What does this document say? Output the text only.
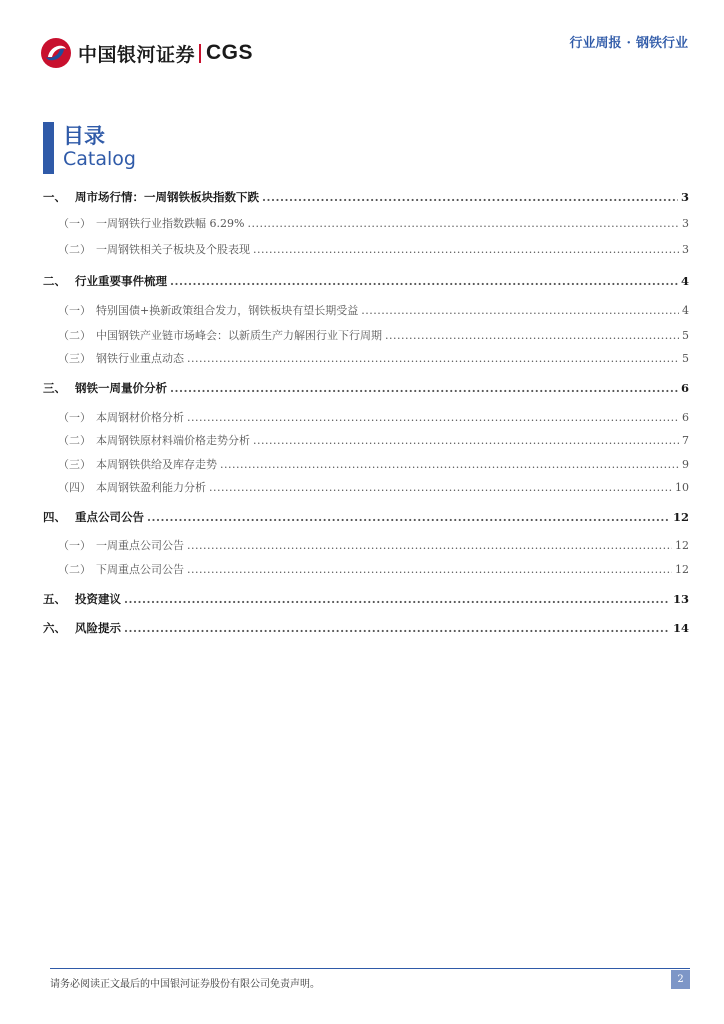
中国银河证券 CGS	行业周报 · 钢铁行业
目录
Catalog
一、 周市场行情：一周钢铁板块指数下跌 .....	3
（一） 一周钢铁行业指数跌幅 6.29% .....	3
（二） 一周钢铁相关子板块及个股表现 .....	3
二、 行业重要事件梳理 .....	4
（一） 特别国债+换新政策组合发力，钢铁板块有望长期受益 .....	4
（二） 中国钢铁产业链市场峰会：以新质生产力解困行业下行周期 .....	5
（三） 钢铁行业重点动态 .....	5
三、 钢铁一周量价分析 .....	6
（一） 本周钢材价格分析 .....	6
（二） 本周钢铁原材料端价格走势分析 .....	7
（三） 本周钢铁供给及库存走势 .....	9
（四） 本周钢铁盈利能力分析 .....	10
四、 重点公司公告 .....	12
（一） 一周重点公司公告 .....	12
（二） 下周重点公司公告 .....	12
五、 投资建议 .....	13
六、 风险提示 .....	14
请务必阅读正文最后的中国银河证券股份有限公司免责声明。	2
